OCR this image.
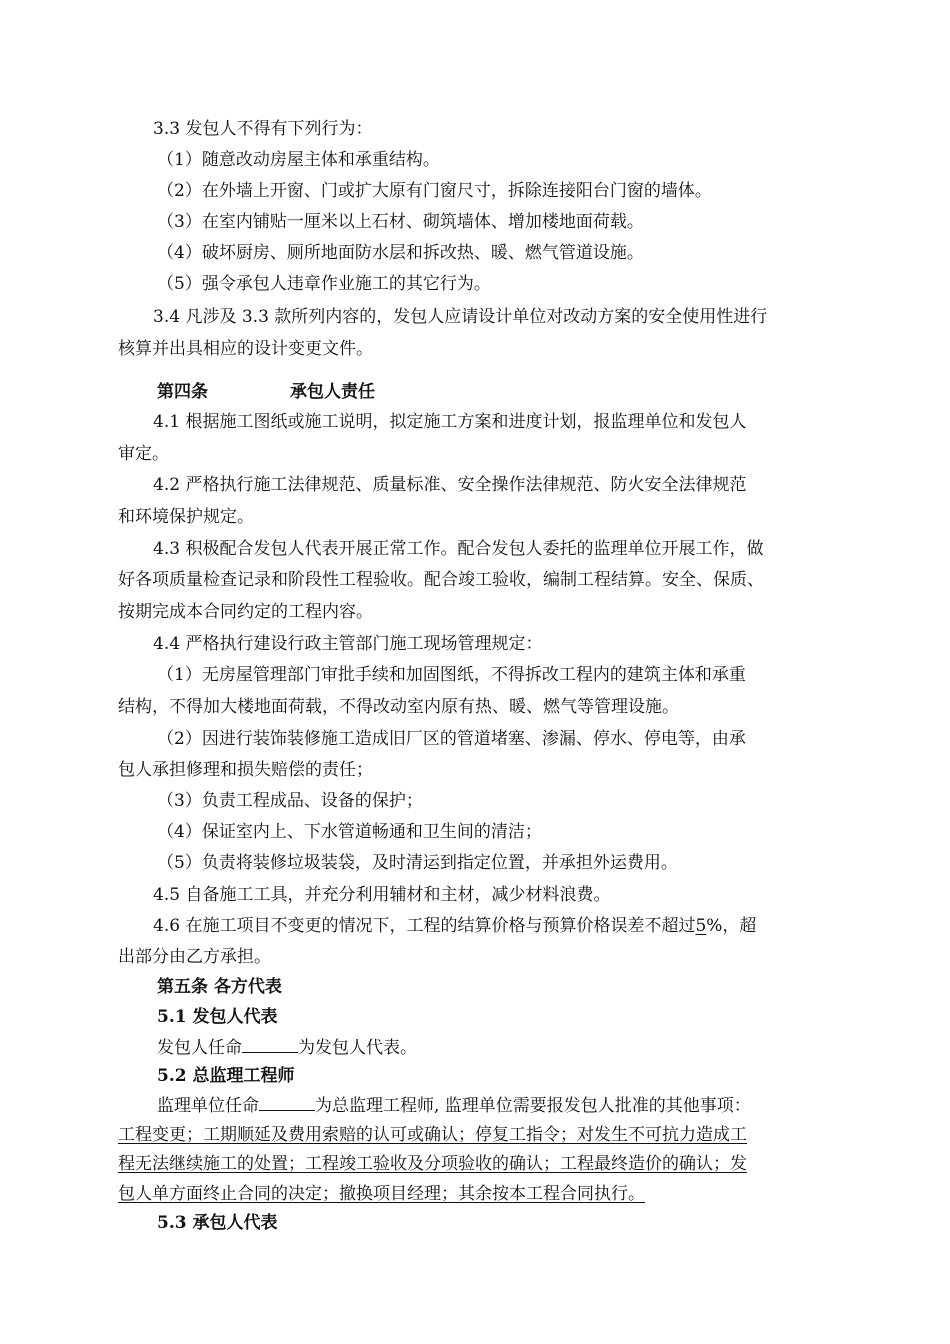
3.3 发包人不得有下列行为：
（1）随意改动房屋主体和承重结构。
（2）在外墙上开窗、门或扩大原有门窗尺寸，拆除连接阳台门窗的墙体。
（3）在室内铺贴一厘米以上石材、砌筑墙体、增加楼地面荷载。
（4）破坏厨房、厕所地面防水层和拆改热、暖、燃气管道设施。
（5）强令承包人违章作业施工的其它行为。
3.4 凡涉及 3.3 款所列内容的，发包人应请设计单位对改动方案的安全使用性进行
核算并出具相应的设计变更文件。
第四条	承包人责任
4.1 根据施工图纸或施工说明，拟定施工方案和进度计划，报监理单位和发包人
审定。
4.2 严格执行施工法律规范、质量标准、安全操作法律规范、防火安全法律规范
和环境保护规定。
4.3 积极配合发包人代表开展正常工作。配合发包人委托的监理单位开展工作，做
好各项质量检查记录和阶段性工程验收。配合竣工验收，编制工程结算。安全、保质、
按期完成本合同约定的工程内容。
4.4 严格执行建设行政主管部门施工现场管理规定：
（1）无房屋管理部门审批手续和加固图纸，不得拆改工程内的建筑主体和承重
结构，不得加大楼地面荷载，不得改动室内原有热、暖、燃气等管理设施。
（2）因进行装饰装修施工造成旧厂区的管道堵塞、渗漏、停水、停电等，由承
包人承担修理和损失赔偿的责任；
（3）负责工程成品、设备的保护；
（4）保证室内上、下水管道畅通和卫生间的清洁；
（5）负责将装修垃圾装袋，及时清运到指定位置，并承担外运费用。
4.5 自备施工工具，并充分利用辅材和主材，减少材料浪费。
4.6 在施工项目不变更的情况下，工程的结算价格与预算价格误差不超过5%，超
出部分由乙方承担。
第五条 各方代表
5.1 发包人代表
发包人任命	为发包人代表。
5.2 总监理工程师
监理单位任命	为总监理工程师, 监理单位需要报发包人批准的其他事项：
工程变更；工期顺延及费用索赔的认可或确认；停复工指令；对发生不可抗力造成工
程无法继续施工的处置；工程竣工验收及分项验收的确认；工程最终造价的确认；发
包人单方面终止合同的决定；撤换项目经理；其余按本工程合同执行。
5.3 承包人代表
